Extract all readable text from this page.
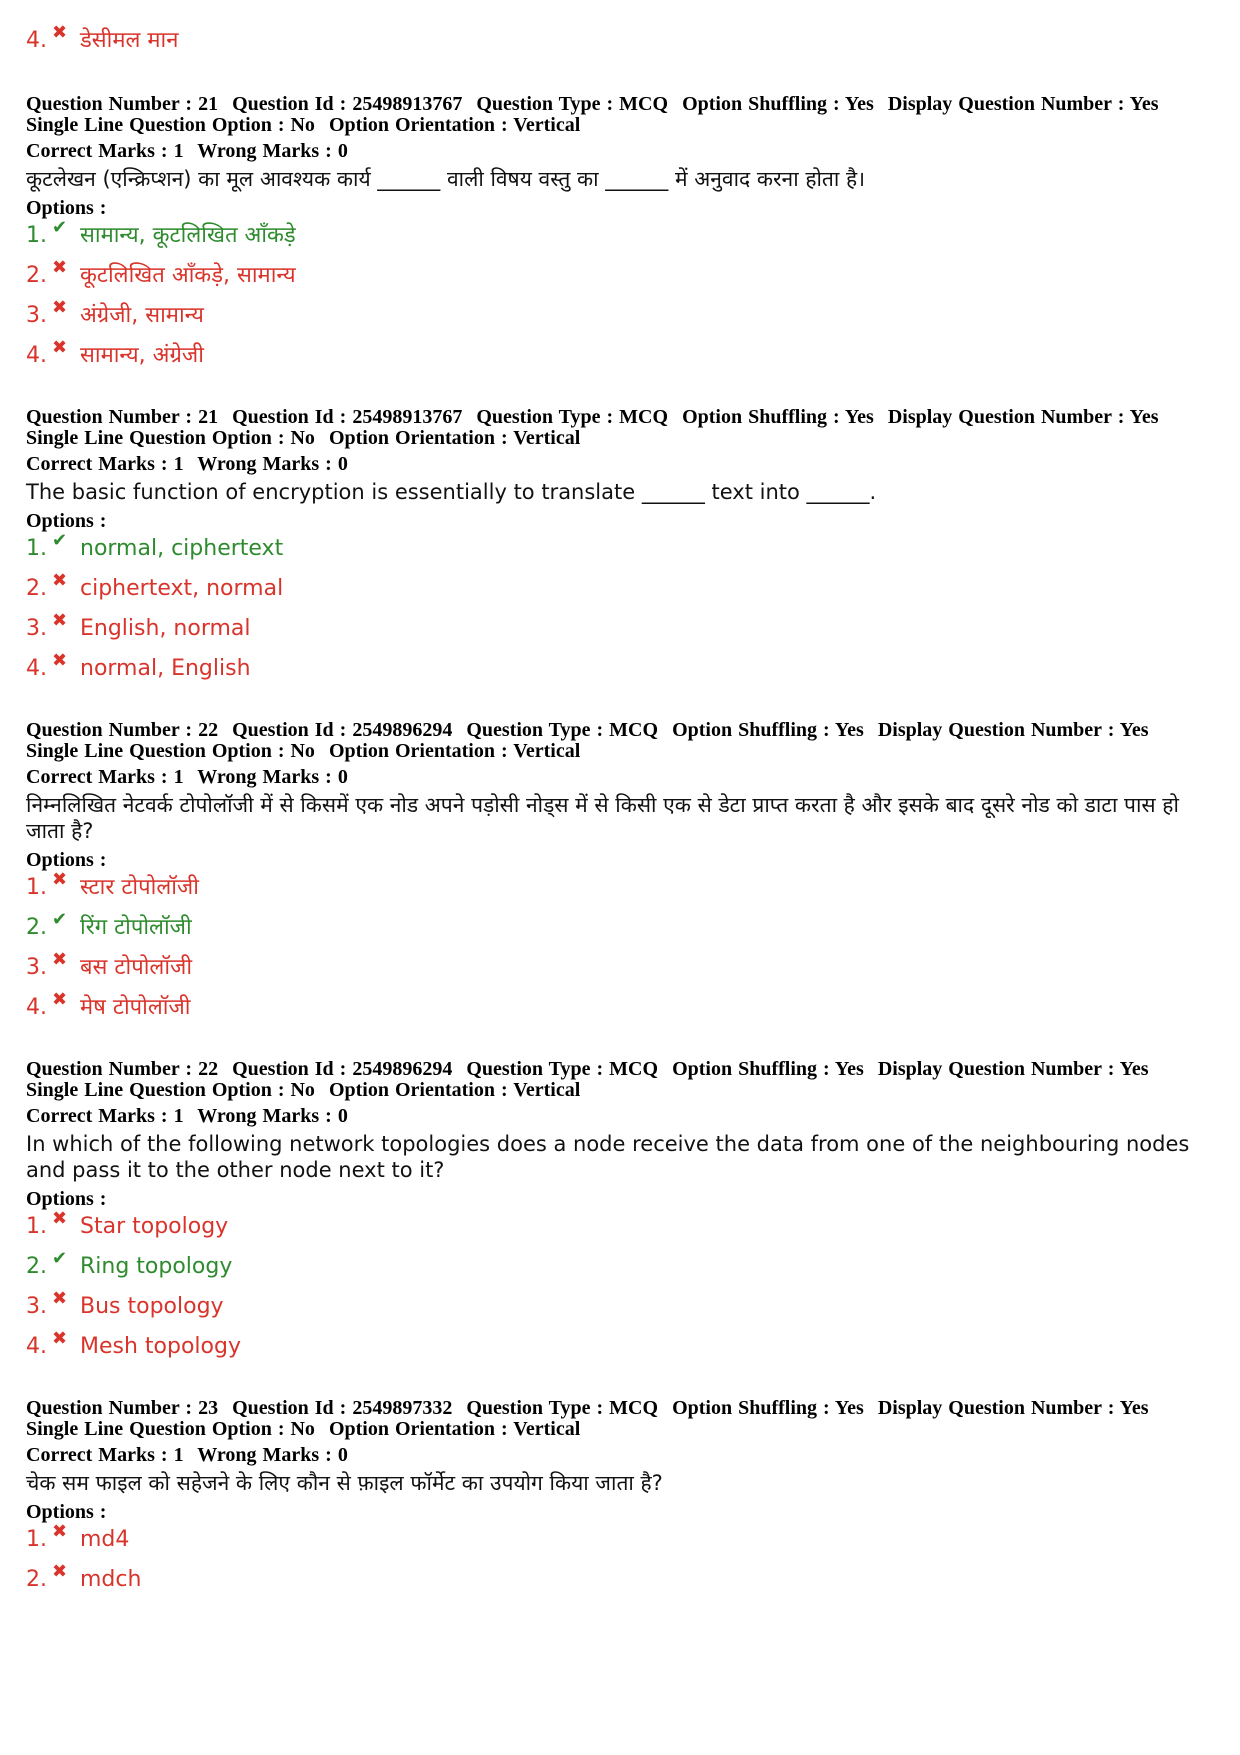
4. ✖ डेसीमल मान
Question Number : 21 Question Id : 25498913767 Question Type : MCQ Option Shuffling : Yes Display Question Number : Yes
Single Line Question Option : No Option Orientation : Vertical
Correct Marks : 1 Wrong Marks : 0
कूटलेखन (एन्क्रिप्शन) का मूल आवश्यक कार्य ______ वाली विषय वस्तु का ______ में अनुवाद करना होता है।
Options :
1. ✔ सामान्य, कूटलिखित आँकड़े
2. ✖ कूटलिखित आँकड़े, सामान्य
3. ✖ अंग्रेजी, सामान्य
4. ✖ सामान्य, अंग्रेजी
Question Number : 21 Question Id : 25498913767 Question Type : MCQ Option Shuffling : Yes Display Question Number : Yes
Single Line Question Option : No Option Orientation : Vertical
Correct Marks : 1 Wrong Marks : 0
The basic function of encryption is essentially to translate ______ text into ______.
Options :
1. ✔ normal, ciphertext
2. ✖ ciphertext, normal
3. ✖ English, normal
4. ✖ normal, English
Question Number : 22 Question Id : 2549896294 Question Type : MCQ Option Shuffling : Yes Display Question Number : Yes
Single Line Question Option : No Option Orientation : Vertical
Correct Marks : 1 Wrong Marks : 0
निम्नलिखित नेटवर्क टोपोलॉजी में से किसमें एक नोड अपने पड़ोसी नोड्स में से किसी एक से डेटा प्राप्त करता है और इसके बाद दूसरे नोड को डाटा पास हो जाता है?
Options :
1. ✖ स्टार टोपोलॉजी
2. ✔ रिंग टोपोलॉजी
3. ✖ बस टोपोलॉजी
4. ✖ मेष टोपोलॉजी
Question Number : 22 Question Id : 2549896294 Question Type : MCQ Option Shuffling : Yes Display Question Number : Yes
Single Line Question Option : No Option Orientation : Vertical
Correct Marks : 1 Wrong Marks : 0
In which of the following network topologies does a node receive the data from one of the neighbouring nodes and pass it to the other node next to it?
Options :
1. ✖ Star topology
2. ✔ Ring topology
3. ✖ Bus topology
4. ✖ Mesh topology
Question Number : 23 Question Id : 2549897332 Question Type : MCQ Option Shuffling : Yes Display Question Number : Yes
Single Line Question Option : No Option Orientation : Vertical
Correct Marks : 1 Wrong Marks : 0
चेक सम फाइल को सहेजने के लिए कौन से फ़ाइल फॉर्मेट का उपयोग किया जाता है?
Options :
1. ✖ md4
2. ✖ mdch
